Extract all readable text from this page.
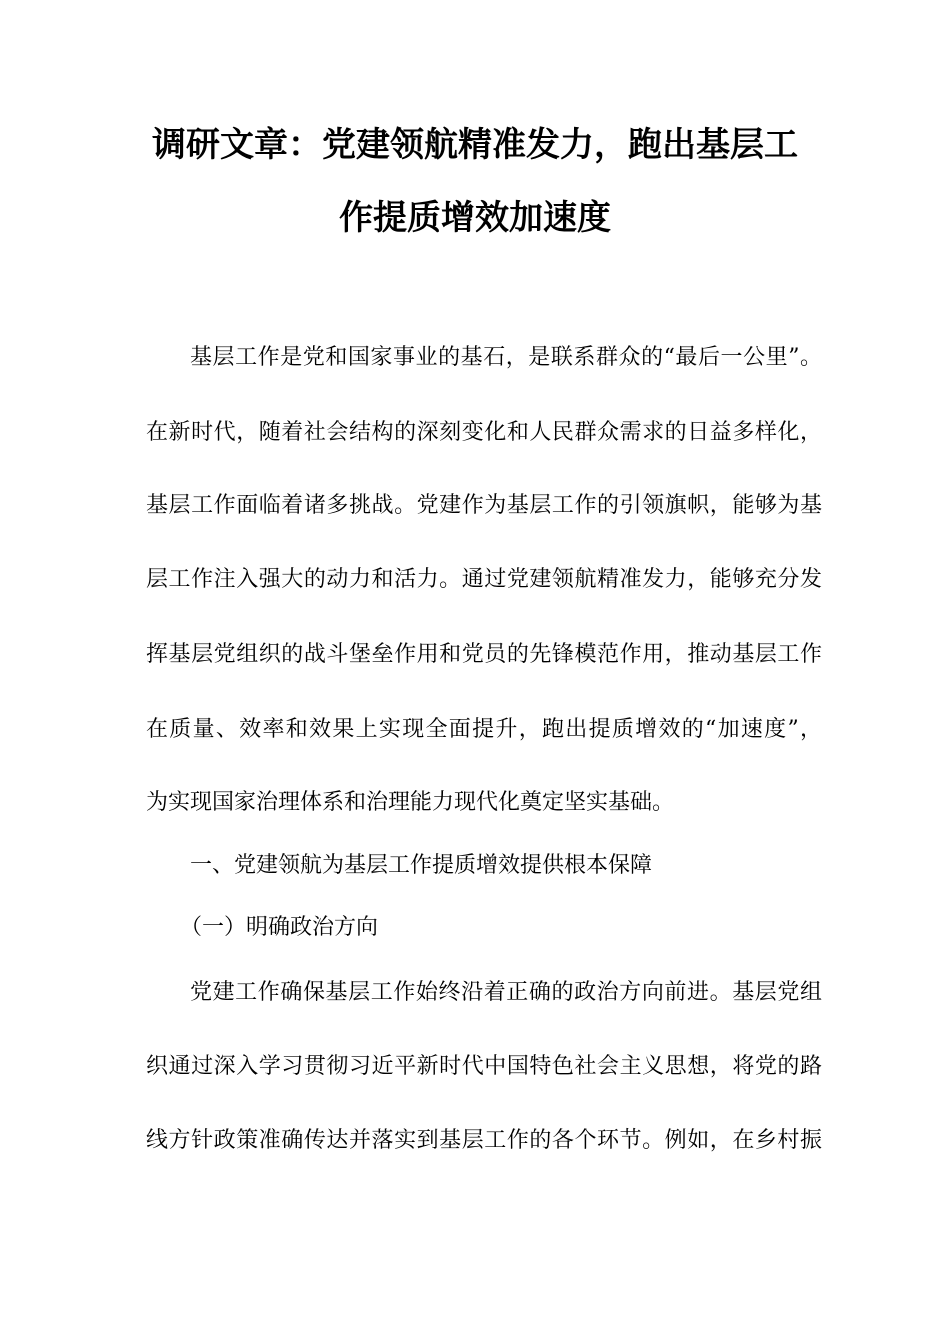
调研文章：党建领航精准发力，跑出基层工
作提质增效加速度
基层工作是党和国家事业的基石，是联系群众的“最后一公里”。
在新时代，随着社会结构的深刻变化和人民群众需求的日益多样化，
基层工作面临着诸多挑战。党建作为基层工作的引领旗帜，能够为基
层工作注入强大的动力和活力。通过党建领航精准发力，能够充分发
挥基层党组织的战斗堡垒作用和党员的先锋模范作用，推动基层工作
在质量、效率和效果上实现全面提升，跑出提质增效的“加速度”，
为实现国家治理体系和治理能力现代化奠定坚实基础。
一、党建领航为基层工作提质增效提供根本保障
（一）明确政治方向
党建工作确保基层工作始终沿着正确的政治方向前进。基层党组
织通过深入学习贯彻习近平新时代中国特色社会主义思想，将党的路
线方针政策准确传达并落实到基层工作的各个环节。例如，在乡村振
